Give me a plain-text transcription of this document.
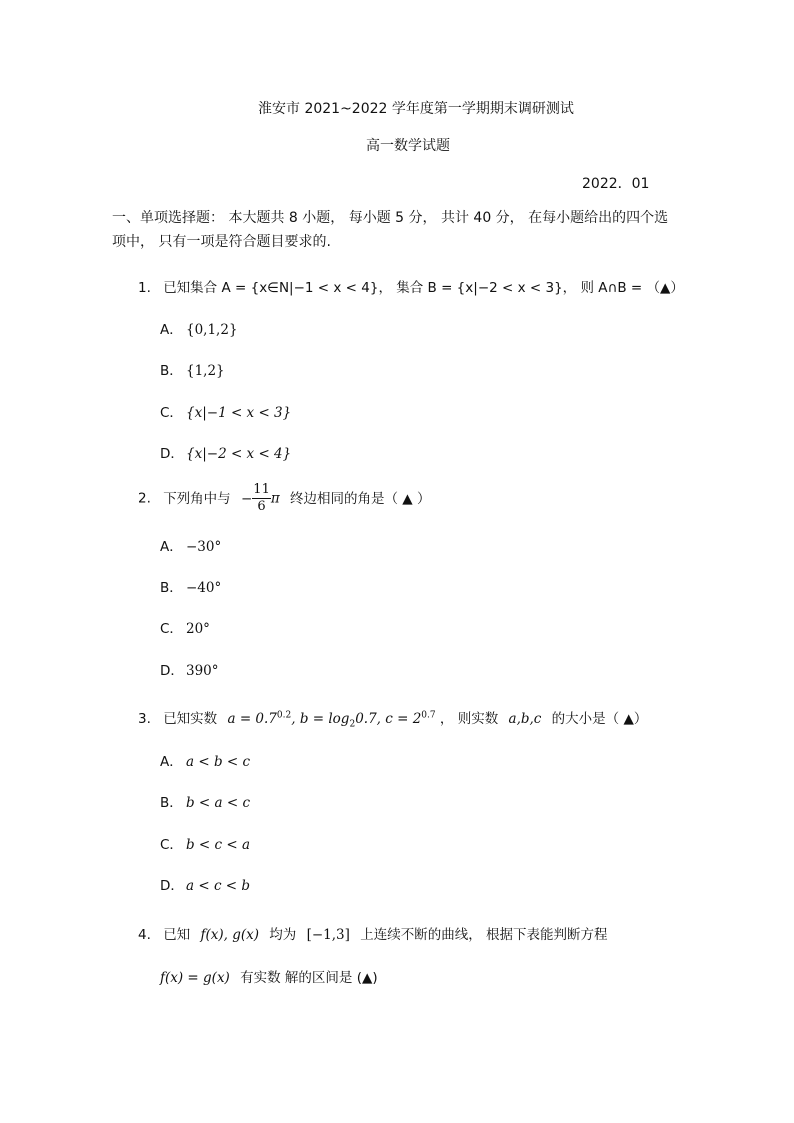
淮安市 2021~2022 学年度第一学期期末调研测试
高一数学试题
2022．01
一、单项选择题： 本大题共 8 小题， 每小题 5 分， 共计 40 分， 在每小题给出的四个选
项中， 只有一项是符合题目要求的.
1. 已知集合 A = {x∈N|−1 < x < 4}， 集合 B = {x|−2 < x < 3}， 则 A∩B = （▲）
A． {0,1,2}
B． {1,2}
C． {x|−1 < x < 3}
D． {x|−2 < x < 4}
2. 下列角中与 − $\frac{11}{6}$ π 终边相同的角是（ ▲ ）
A． −30°
B． −40°
C． 20°
D． 390°
3. 已知实数 $a = 0.7^{0.2}$, $b = \log_20.7$, $c = 2^{0.7}$ ， 则实数 a,b,c 的大小是（ ▲）
A． a < b < c
B． b < a < c
C． b < c < a
D． a < c < b
4. 已知 f(x), g(x) 均为 [−1,3] 上连续不断的曲线， 根据下表能判断方程
f(x) = g(x) 有实数 解的区间是 (▲)
